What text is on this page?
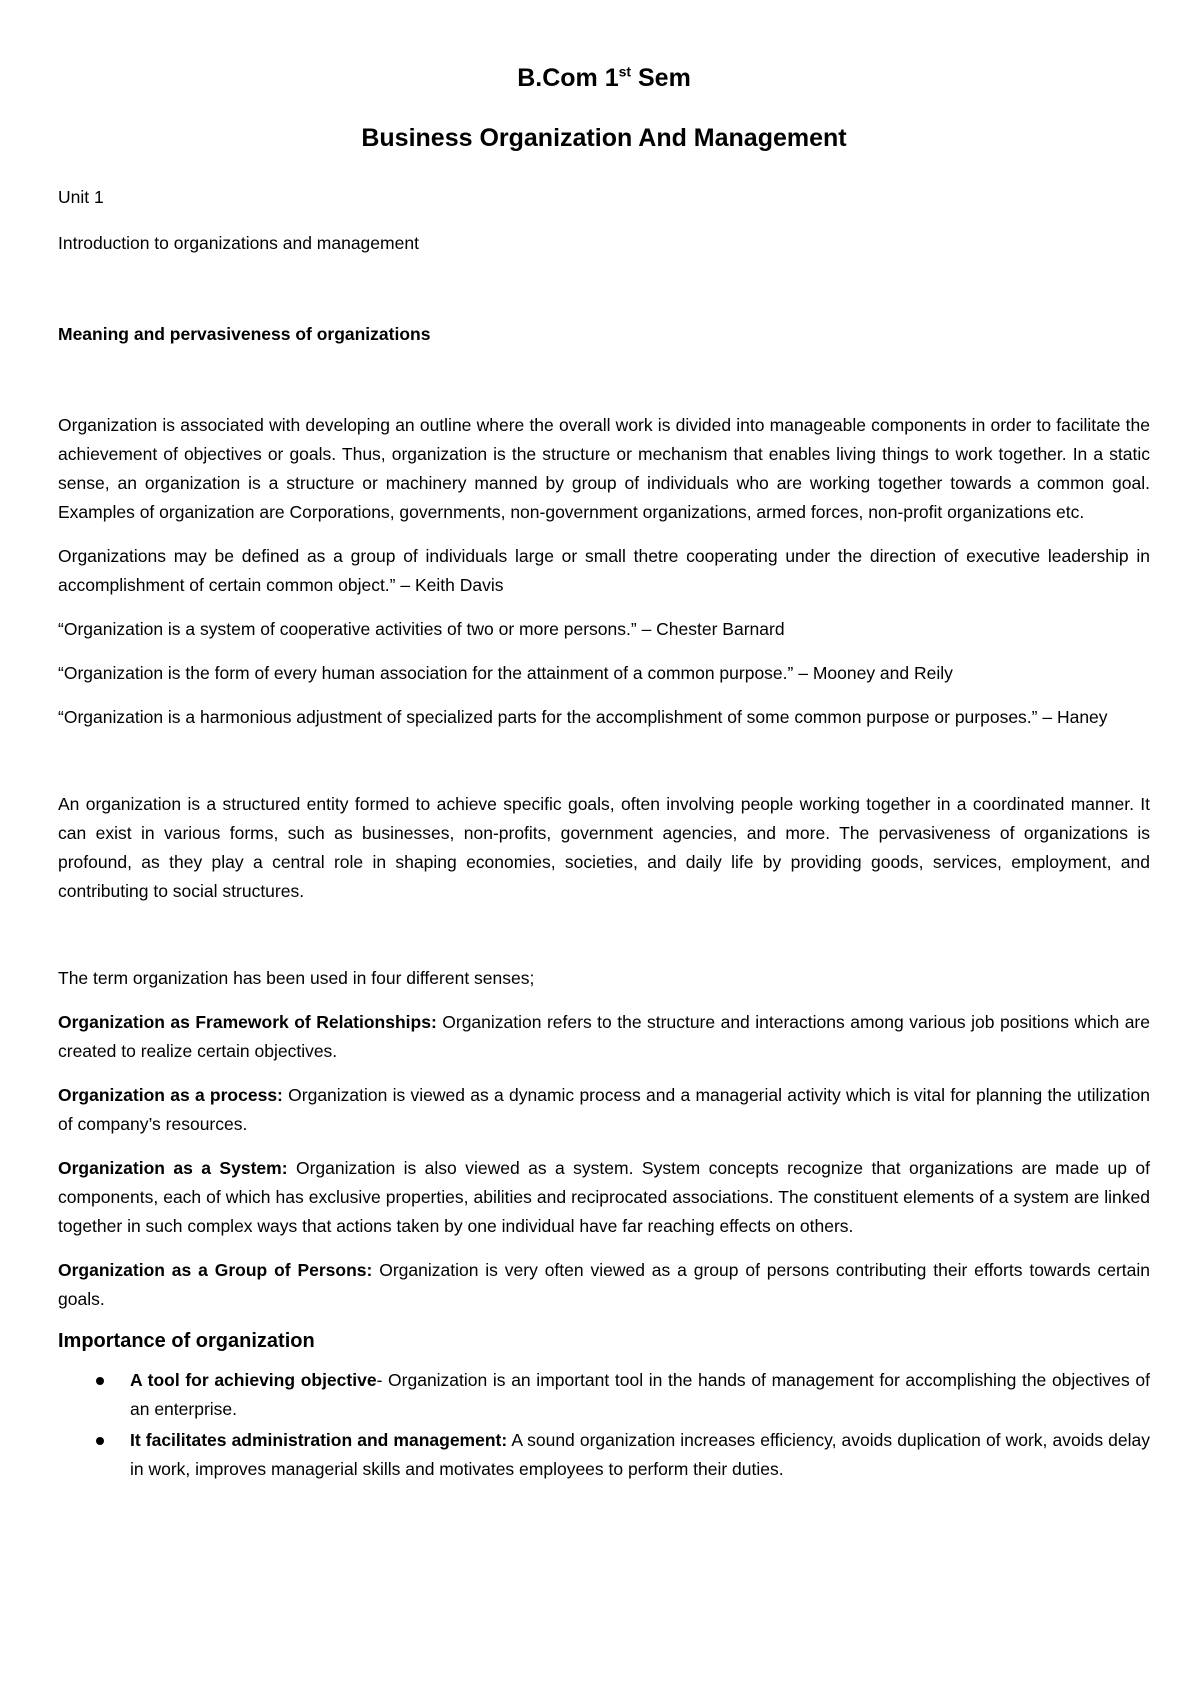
B.Com 1st Sem
Business Organization And Management

Unit 1

Introduction to organizations and management

Meaning and pervasiveness of organizations

Organization is associated with developing an outline where the overall work is divided into manageable components in order to facilitate the achievement of objectives or goals. Thus, organization is the structure or mechanism that enables living things to work together. In a static sense, an organization is a structure or machinery manned by group of individuals who are working together towards a common goal. Examples of organization are Corporations, governments, non-government organizations, armed forces, non-profit organizations etc.

Organizations may be defined as a group of individuals large or small thetre cooperating under the direction of executive leadership in accomplishment of certain common object.” – Keith Davis

“Organization is a system of cooperative activities of two or more persons.” – Chester Barnard

“Organization is the form of every human association for the attainment of a common purpose.” – Mooney and Reily

“Organization is a harmonious adjustment of specialized parts for the accomplishment of some common purpose or purposes.” – Haney

An organization is a structured entity formed to achieve specific goals, often involving people working together in a coordinated manner. It can exist in various forms, such as businesses, non-profits, government agencies, and more. The pervasiveness of organizations is profound, as they play a central role in shaping economies, societies, and daily life by providing goods, services, employment, and contributing to social structures.

The term organization has been used in four different senses;

Organization as Framework of Relationships: Organization refers to the structure and interactions among various job positions which are created to realize certain objectives.

Organization as a process: Organization is viewed as a dynamic process and a managerial activity which is vital for planning the utilization of company’s resources.

Organization as a System: Organization is also viewed as a system. System concepts recognize that organizations are made up of components, each of which has exclusive properties, abilities and reciprocated associations. The constituent elements of a system are linked together in such complex ways that actions taken by one individual have far reaching effects on others.

Organization as a Group of Persons: Organization is very often viewed as a group of persons contributing their efforts towards certain goals.

Importance of organization
A tool for achieving objective- Organization is an important tool in the hands of management for accomplishing the objectives of an enterprise.
It facilitates administration and management: A sound organization increases efficiency, avoids duplication of work, avoids delay in work, improves managerial skills and motivates employees to perform their duties.
